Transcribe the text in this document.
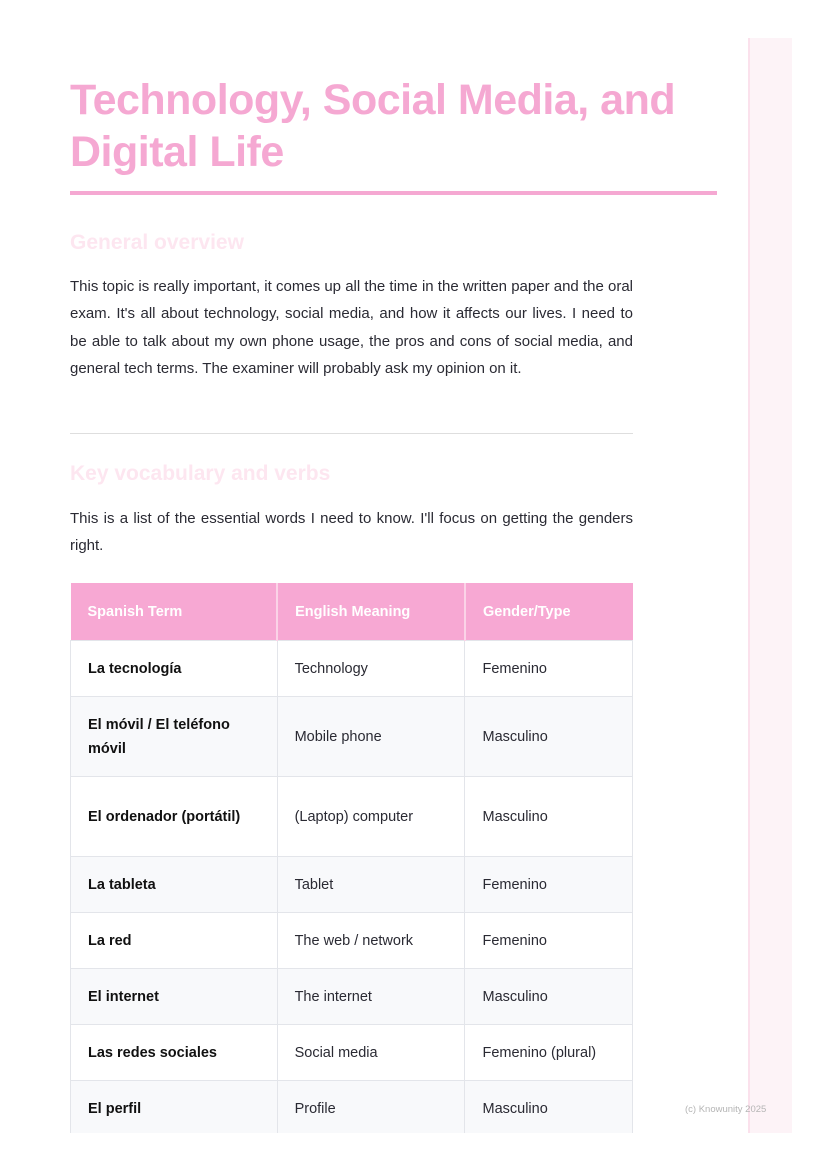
Technology, Social Media, and Digital Life
General overview

This topic is really important, it comes up all the time in the written paper and the oral exam. It's all about technology, social media, and how it affects our lives. I need to be able to talk about my own phone usage, the pros and cons of social media, and general tech terms. The examiner will probably ask my opinion on it.

Key vocabulary and verbs

This is a list of the essential words I need to know. I'll focus on getting the genders right.

Spanish Term	English Meaning	Gender/Type
La tecnología	Technology	Femenino
El móvil / El teléfono móvil	Mobile phone	Masculino
El ordenador (portátil)	(Laptop) computer	Masculino
La tableta	Tablet	Femenino
La red	The web / network	Femenino
El internet	The internet	Masculino
Las redes sociales	Social media	Femenino (plural)
El perfil	Profile	Masculino
			(c) Knowunity 2025
